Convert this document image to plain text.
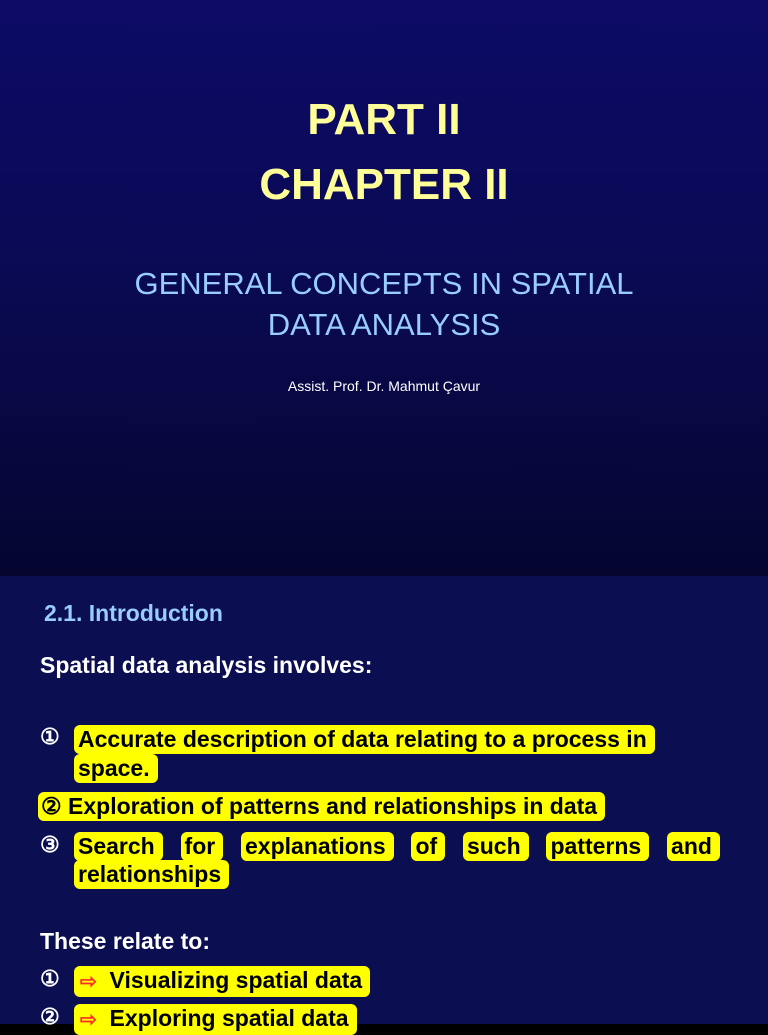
PART II
CHAPTER II
GENERAL CONCEPTS IN SPATIAL
DATA ANALYSIS
Assist. Prof. Dr. Mahmut Çavur
2.1. Introduction
Spatial data analysis involves:
① Accurate description of data relating to a process in
space.
② Exploration of patterns and relationships in data
③ Search	for	explanations	of	such	patterns	and
relationships
These relate to:
①	⇨ Visualizing spatial data
②	⇨ Exploring spatial data
